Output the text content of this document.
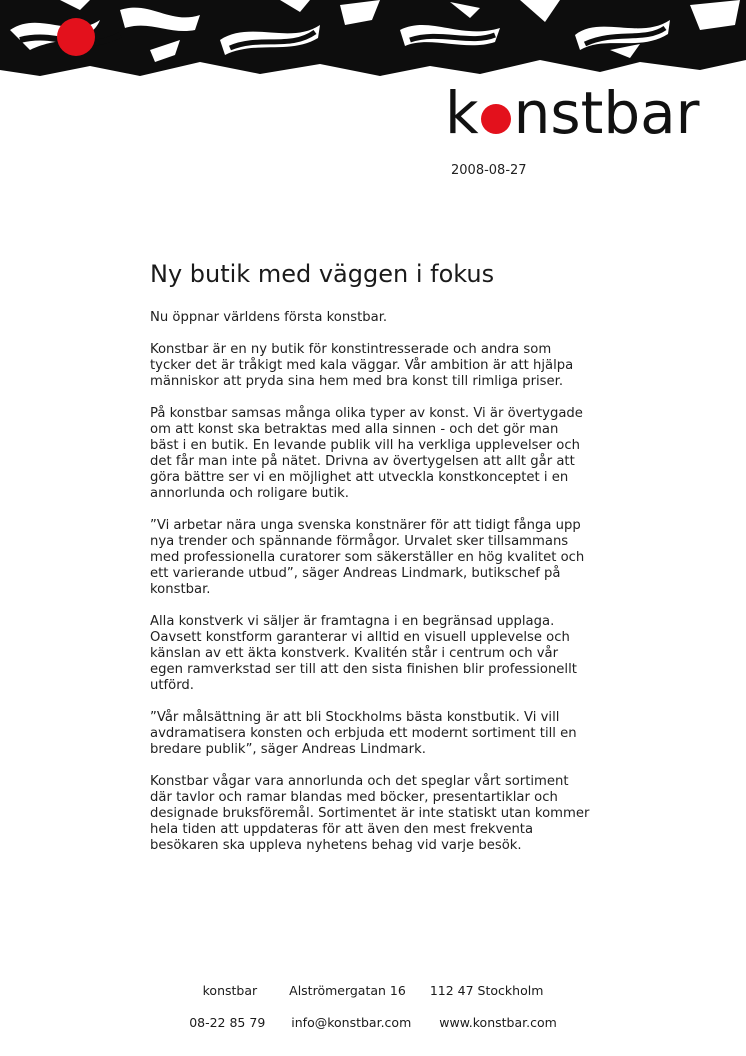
k nstbar
2008-08-27
Ny butik med väggen i fokus

Nu öppnar världens första konstbar.

Konstbar är en ny butik för konstintresserade och andra som tycker det är tråkigt med kala väggar. Vår ambition är att hjälpa människor att pryda sina hem med bra konst till rimliga priser.

På konstbar samsas många olika typer av konst. Vi är övertygade om att konst ska betraktas med alla sinnen - och det gör man bäst i en butik. En levande publik vill ha verkliga upplevelser och det får man inte på nätet. Drivna av övertygelsen att allt går att göra bättre ser vi en möjlighet att utveckla konstkonceptet i en annorlunda och roligare butik.

”Vi arbetar nära unga svenska konstnärer för att tidigt fånga upp nya trender och spännande förmågor. Urvalet sker tillsammans med professionella curatorer som säkerställer en hög kvalitet och ett varierande utbud”, säger Andreas Lindmark, butikschef på konstbar.

Alla konstverk vi säljer är framtagna i en begränsad upplaga. Oavsett konstform garanterar vi alltid en visuell upplevelse och känslan av ett äkta konstverk. Kvalitén står i centrum och vår egen ramverkstad ser till att den sista finishen blir professionellt utförd.

”Vår målsättning är att bli Stockholms bästa konstbutik. Vi vill avdramatisera konsten och erbjuda ett modernt sortiment till en bredare publik”, säger Andreas Lindmark.

Konstbar vågar vara annorlunda och det speglar vårt sortiment där tavlor och ramar blandas med böcker, presentartiklar och designade bruksföremål. Sortimentet är inte statiskt utan kommer hela tiden att uppdateras för att även den mest frekventa besökaren ska uppleva nyhetens behag vid varje besök.

konstbar	Alströmergatan 16 112 47 Stockholm
08-22 85 79 info@konstbar.com www.konstbar.com
